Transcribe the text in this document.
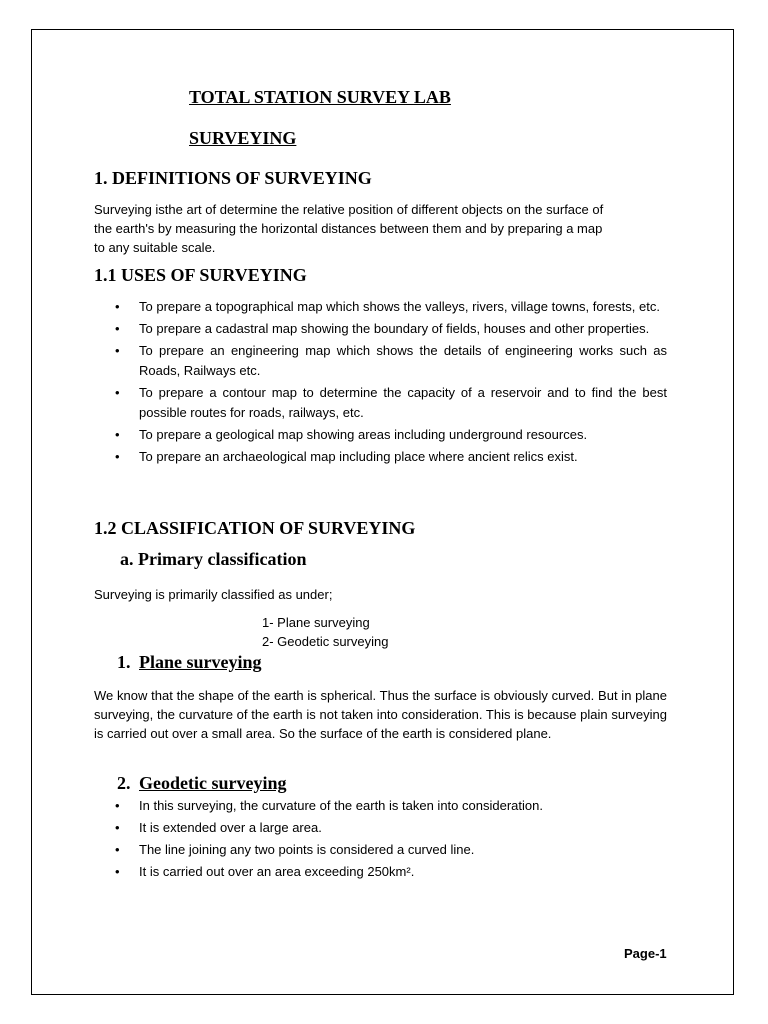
TOTAL STATION SURVEY LAB
SURVEYING
1. DEFINITIONS OF SURVEYING
Surveying isthe art of determine the relative position of different objects on the surface of
the earth's by measuring the horizontal distances between them and by preparing a map
to any suitable scale.
1.1 USES OF SURVEYING
• To prepare a topographical map which shows the valleys, rivers, village towns, forests, etc.
• To prepare a cadastral map showing the boundary of fields, houses and other properties.
• To prepare an engineering map which shows the details of engineering works such as Roads, Railways etc.
• To prepare a contour map to determine the capacity of a reservoir and to find the best possible routes for roads, railways, etc.
• To prepare a geological map showing areas including underground resources.
• To prepare an archaeological map including place where ancient relics exist.
1.2 CLASSIFICATION OF SURVEYING
a. Primary classification
Surveying is primarily classified as under;
1- Plane surveying
2- Geodetic surveying
1. Plane surveying
We know that the shape of the earth is spherical. Thus the surface is obviously curved. But in plane surveying, the curvature of the earth is not taken into consideration. This is because plain surveying is carried out over a small area. So the surface of the earth is considered plane.
2. Geodetic surveying
• In this surveying, the curvature of the earth is taken into consideration.
• It is extended over a large area.
• The line joining any two points is considered a curved line.
• It is carried out over an area exceeding 250km².
Page-1
